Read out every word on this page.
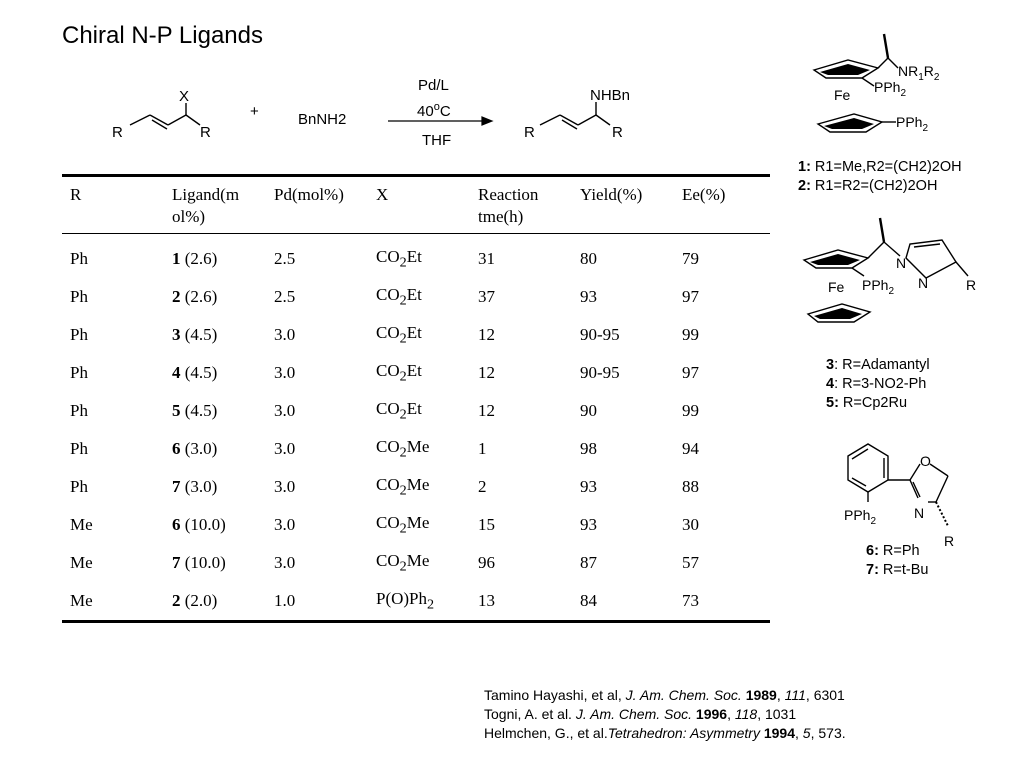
Chiral N-P Ligands
X
R	R
+	BnNH2
Pd/L
40$^o$C
THF
NHBn
R	R
R	Ligand(m ol%)	Pd(mol%)	X	Reaction tme(h)	Yield(%)	Ee(%)
Ph	1 (2.6)	2.5	$CO_2Et$	31	80	79
Ph	2 (2.6)	2.5	$CO_2Et$	37	93	97
Ph	3 (4.5)	3.0	$CO_2Et$	12	90-95	99
Ph	4 (4.5)	3.0	$CO_2Et$	12	90-95	97
Ph	5 (4.5)	3.0	$CO_2Et$	12	90	99
Ph	6 (3.0)	3.0	$CO_2Me$	1	98	94
Ph	7 (3.0)	3.0	$CO_2Me$	2	93	88
Me	6 (10.0)	3.0	$CO_2Me$	15	93	30
Me	7 (10.0)	3.0	$CO_2Me$	96	87	57
Me	2 (2.0)	1.0	$P(O)Ph_2$	13	84	73
$NR_1R_2$
PPh$_2$
Fe
PPh$_2$
1: R1=Me,R2=(CH2)2OH
2: R1=R2=(CH2)2OH
N
PPh$_2$
N	R
Fe
3: R=Adamantyl
4: R=3-NO2-Ph
5: R=Cp2Ru
O
N
PPh$_2$
R
6: R=Ph
7: R=t-Bu
Tamino Hayashi, et al, J. Am. Chem. Soc. 1989, 111, 6301
Togni, A. et al. J. Am. Chem. Soc. 1996, 118, 1031
Helmchen, G., et al.Tetrahedron: Asymmetry 1994, 5, 573.
